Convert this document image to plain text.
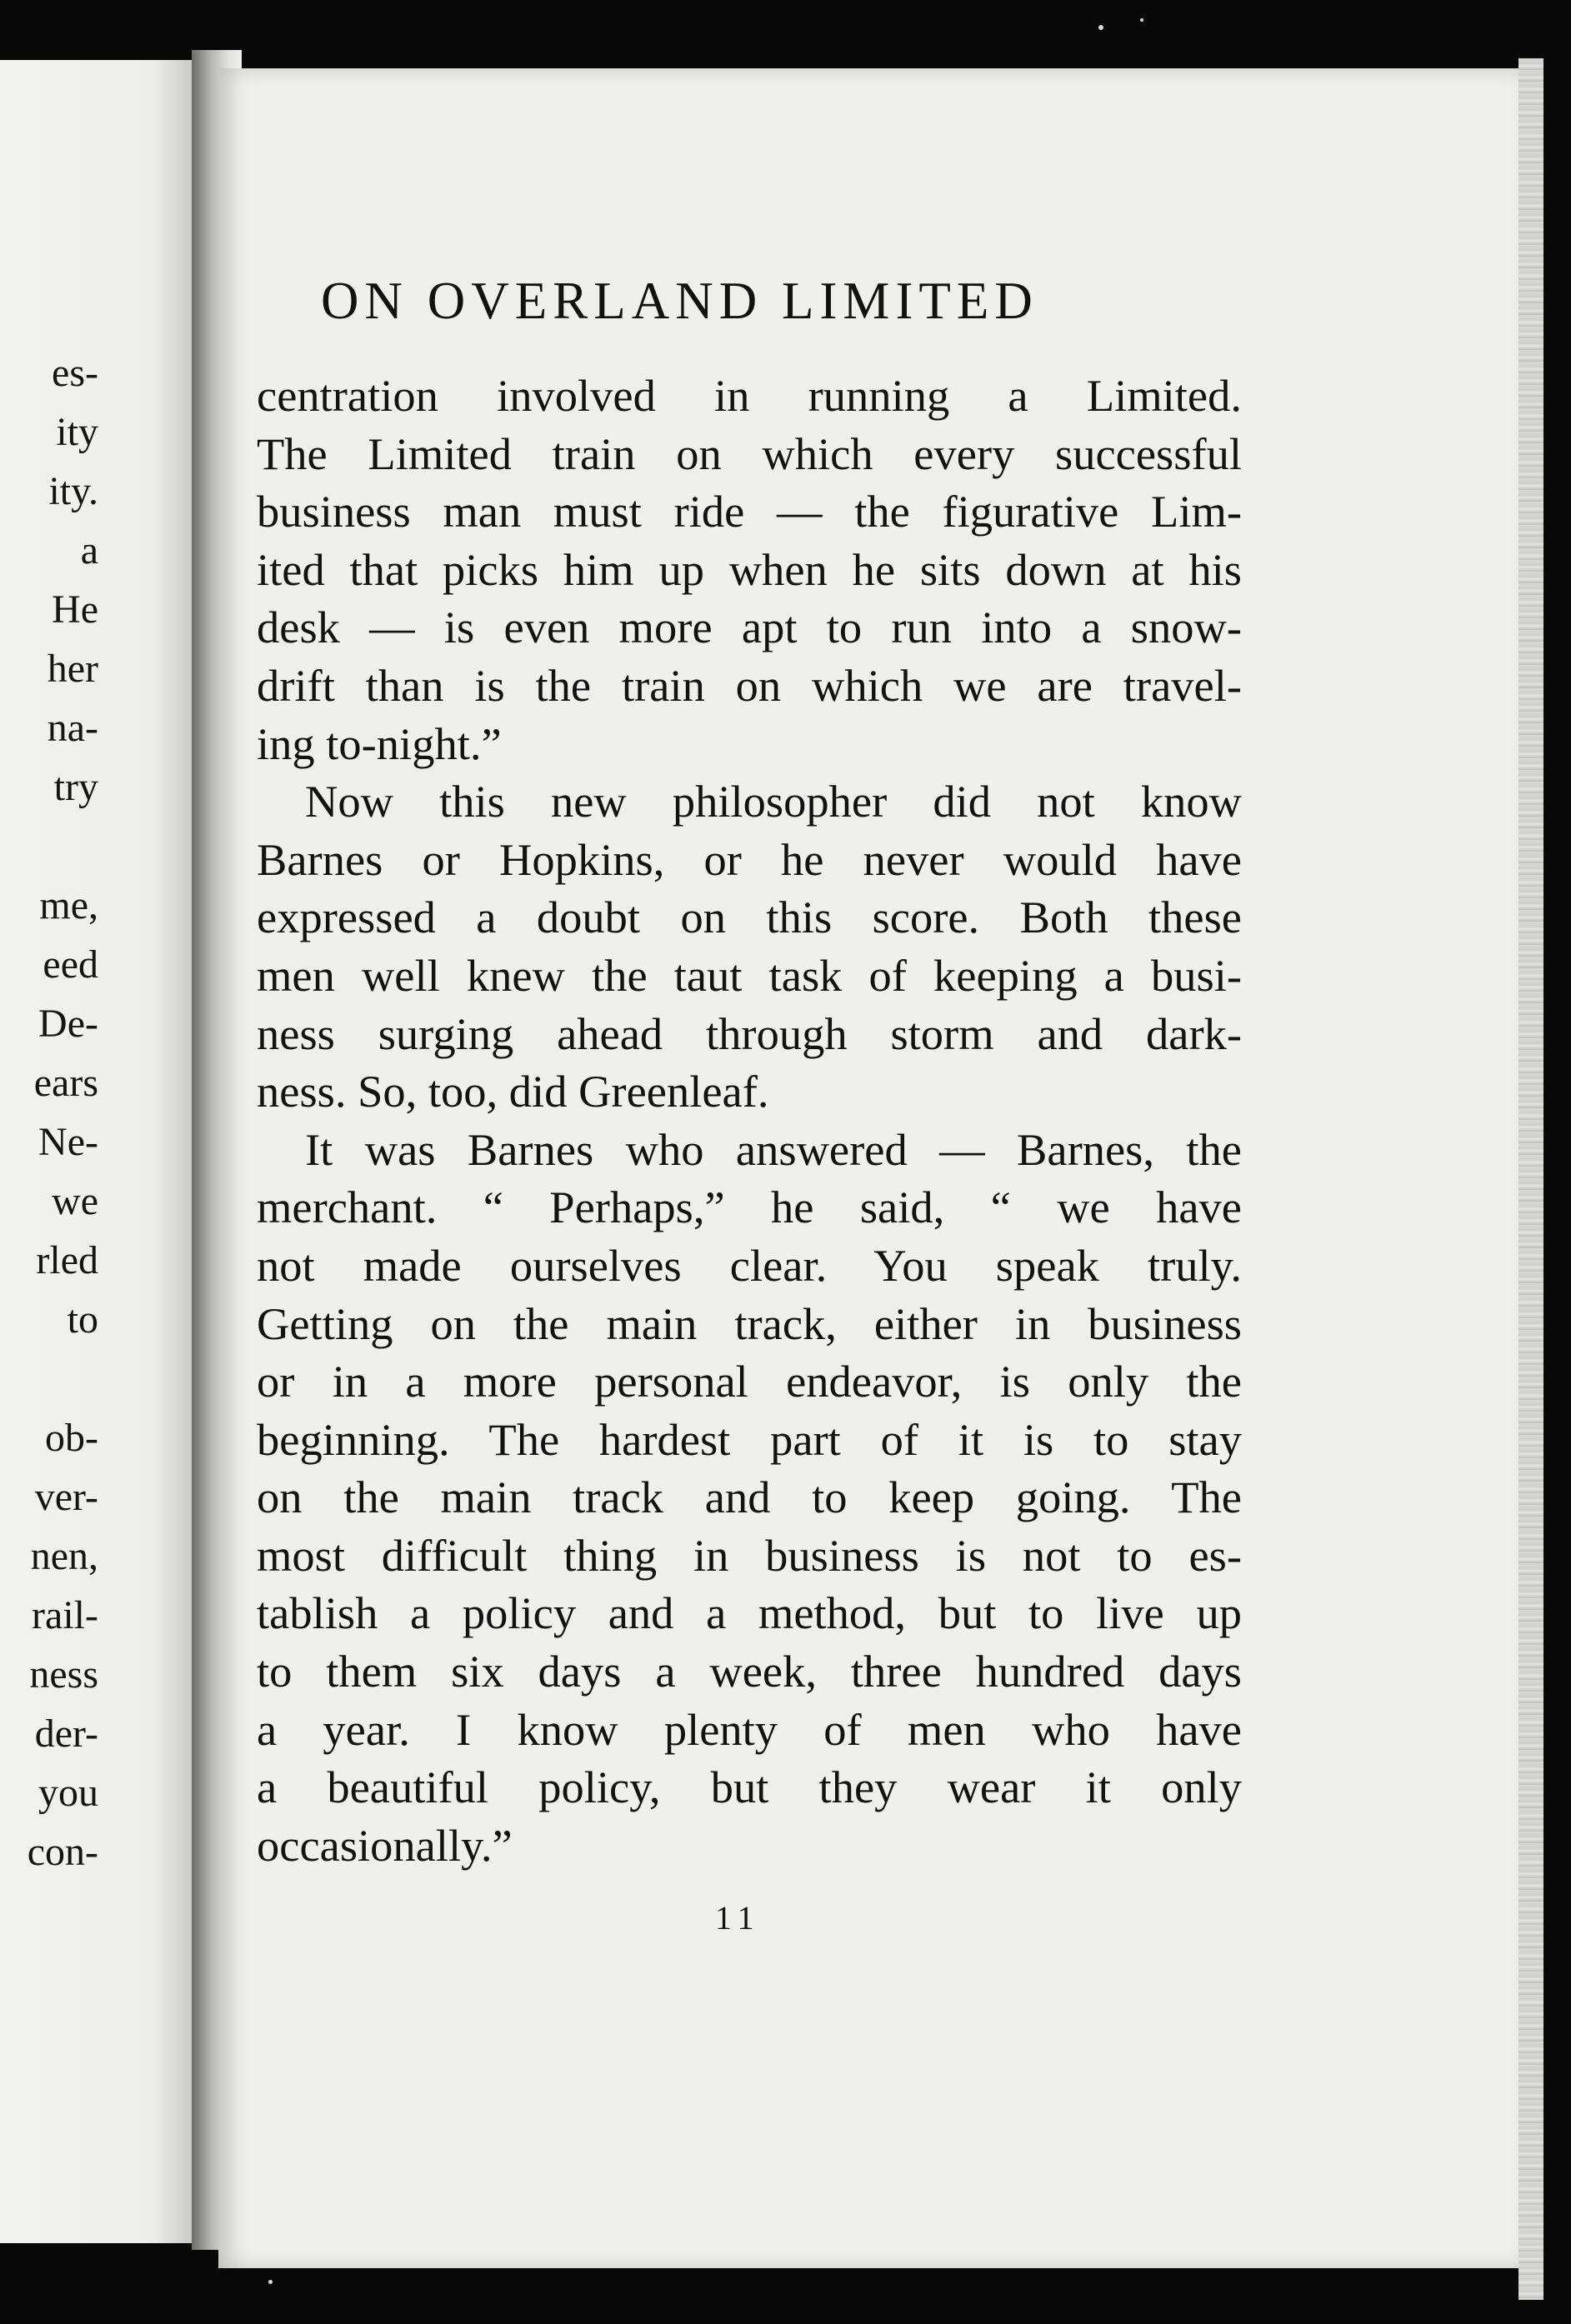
es-
ity
ity.
a
He
her
na-
try
me,
eed
De-
ears
Ne-
we
rled
to
ob-
ver-
nen,
rail-
ness
der-
you
con-
ON OVERLAND LIMITED
centration involved in running a Limited.
The Limited train on which every successful
business man must ride — the figurative Lim-
ited that picks him up when he sits down at his
desk — is even more apt to run into a snow-
drift than is the train on which we are travel-
ing to-night.”
Now this new philosopher did not know
Barnes or Hopkins, or he never would have
expressed a doubt on this score. Both these
men well knew the taut task of keeping a busi-
ness surging ahead through storm and dark-
ness. So, too, did Greenleaf.
It was Barnes who answered — Barnes, the
merchant. “ Perhaps,” he said, “ we have
not made ourselves clear. You speak truly.
Getting on the main track, either in business
or in a more personal endeavor, is only the
beginning. The hardest part of it is to stay
on the main track and to keep going. The
most difficult thing in business is not to es-
tablish a policy and a method, but to live up
to them six days a week, three hundred days
a year. I know plenty of men who have
a beautiful policy, but they wear it only
occasionally.”
11
